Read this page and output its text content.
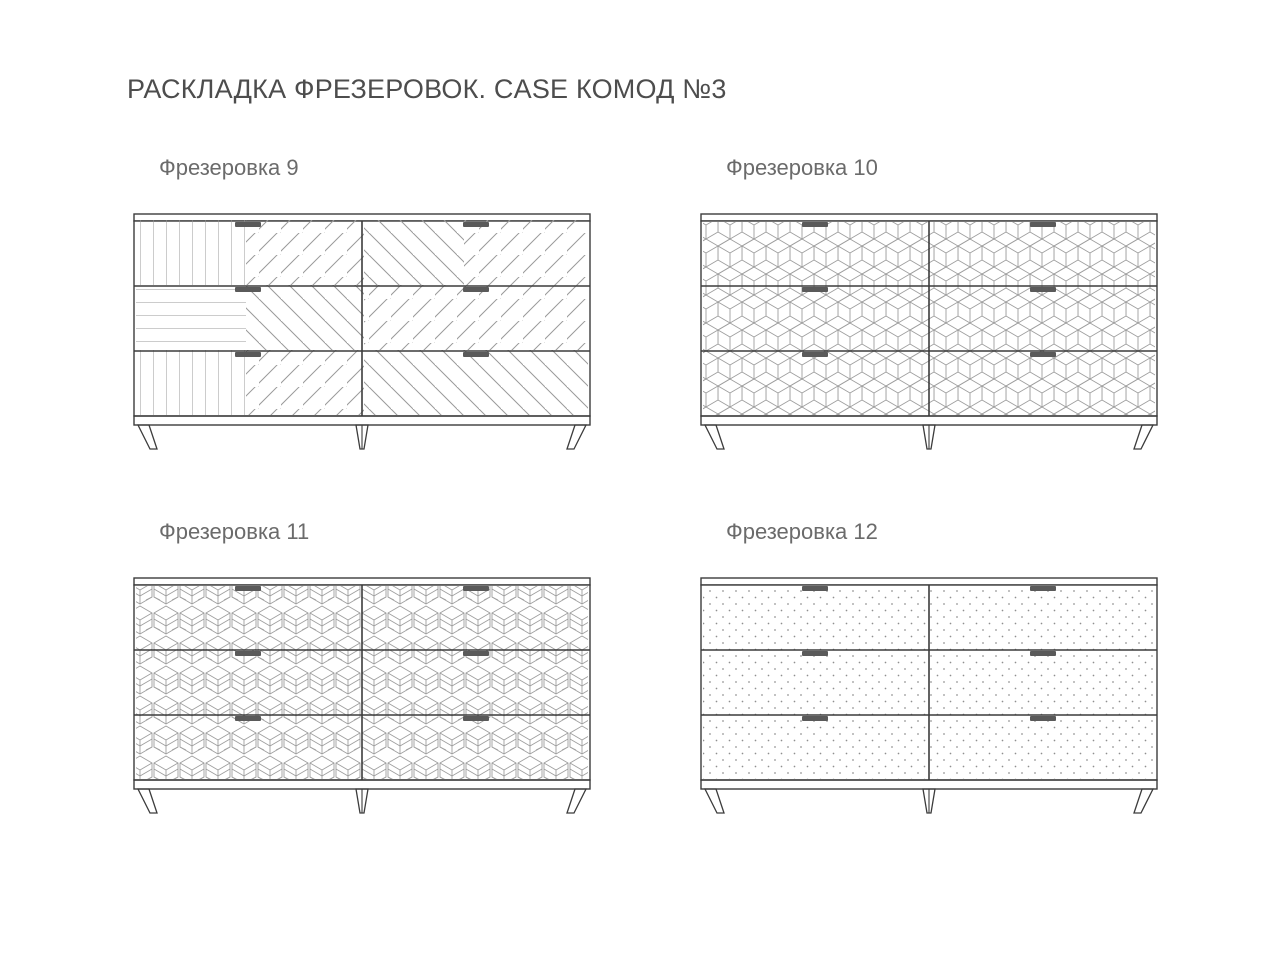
РАСКЛАДКА ФРЕЗЕРОВОК. CASE КОМОД №3
Фрезеровка 9	Фрезеровка 10
Фрезеровка 11	Фрезеровка 12
